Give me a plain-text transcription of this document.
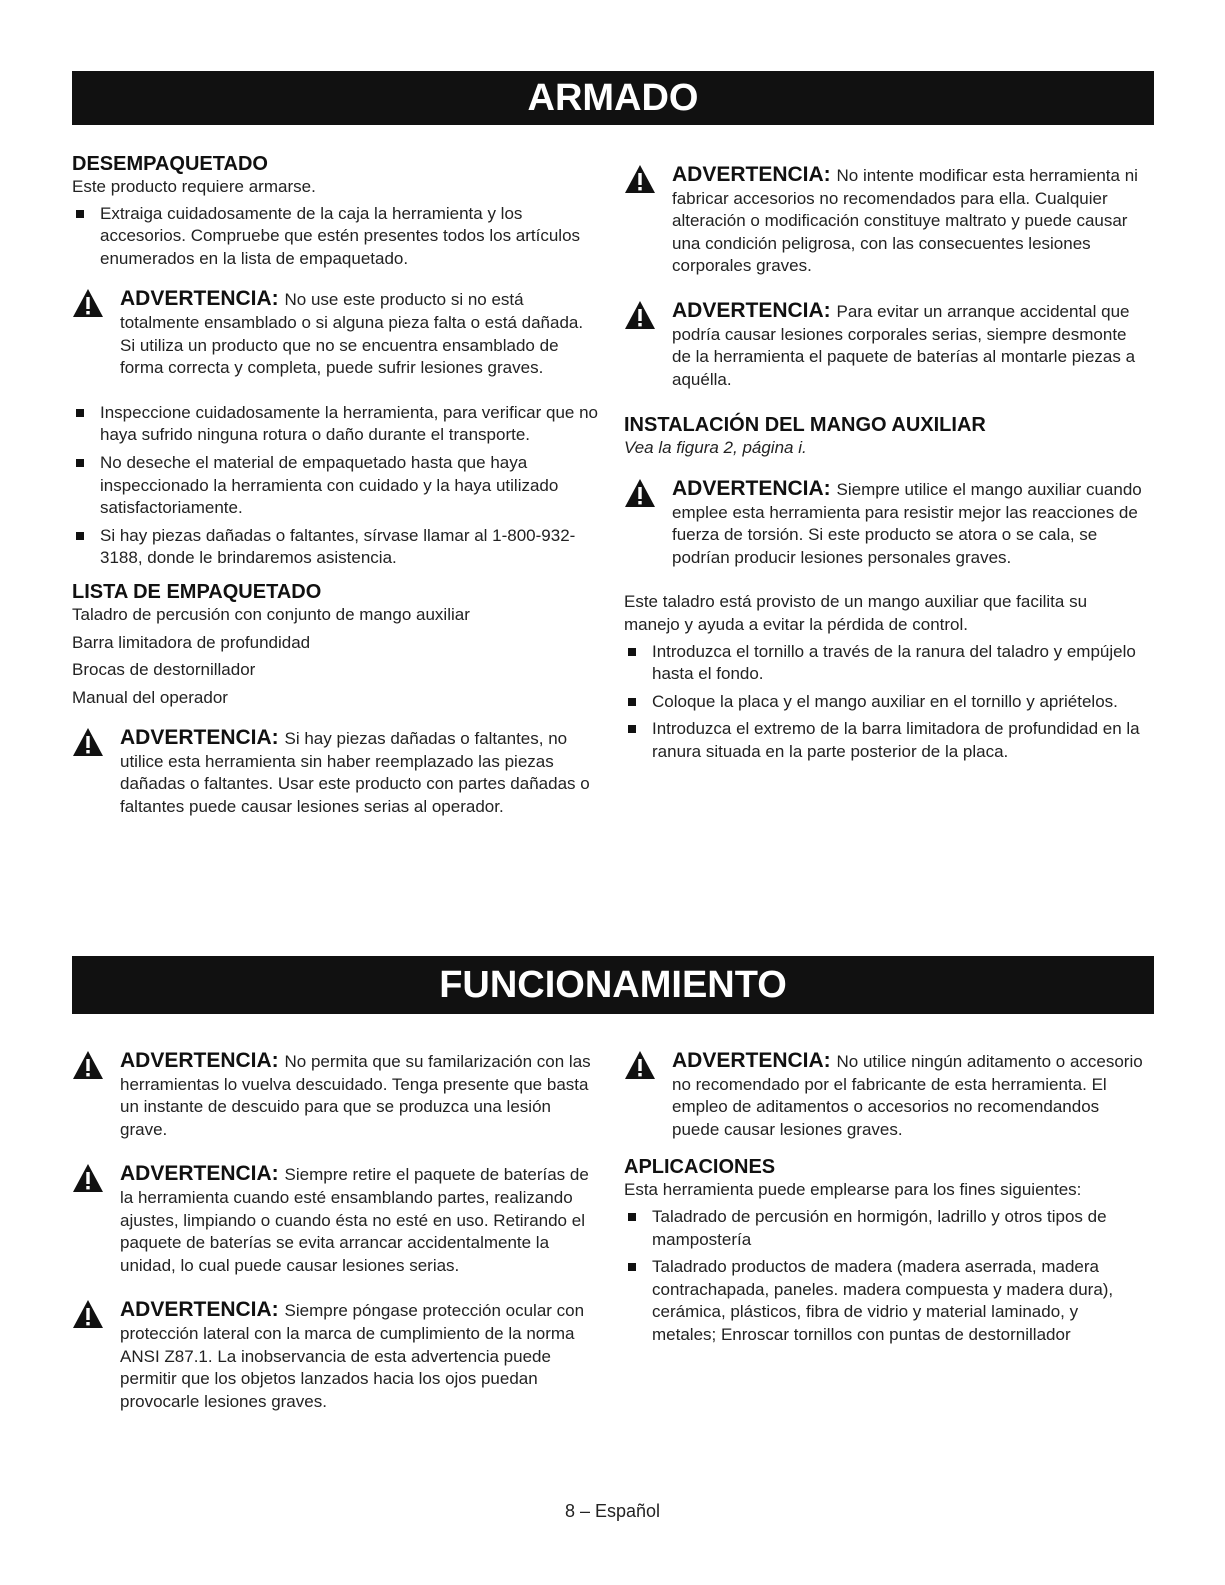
ARMADO

DESEMPAQUETADO

Este producto requiere armarse.

Extraiga cuidadosamente de la caja la herramienta y los accesorios. Compruebe que estén presentes todos los artículos enumerados en la lista de empaquetado.
ADVERTENCIA: No use este producto si no está totalmente ensamblado o si alguna pieza falta o está dañada. Si utiliza un producto que no se encuentra ensamblado de forma correcta y completa, puede sufrir lesiones graves.
Inspeccione cuidadosamente la herramienta, para verificar que no haya sufrido ninguna rotura o daño durante el transporte.
No deseche el material de empaquetado hasta que haya inspeccionado la herramienta con cuidado y la haya utilizado satisfactoriamente.
Si hay piezas dañadas o faltantes, sírvase llamar al 1-800-932-3188, donde le brindaremos asistencia.

LISTA DE EMPAQUETADO

Taladro de percusión con conjunto de mango auxiliar

Barra limitadora de profundidad

Brocas de destornillador

Manual del operador

ADVERTENCIA: Si hay piezas dañadas o faltantes, no utilice esta herramienta sin haber reemplazado las piezas dañadas o faltantes. Usar este producto con partes dañadas o faltantes puede causar lesiones serias al operador.
ADVERTENCIA: No intente modificar esta herramienta ni fabricar accesorios no recomendados para ella. Cualquier alteración o modificación constituye maltrato y puede causar una condición peligrosa, con las consecuentes lesiones corporales graves.
ADVERTENCIA: Para evitar un arranque accidental que podría causar lesiones corporales serias, siempre desmonte de la herramienta el paquete de baterías al montarle piezas a aquélla.

INSTALACIÓN DEL MANGO AUXILIAR

Vea la figura 2, página i.

ADVERTENCIA: Siempre utilice el mango auxiliar cuando emplee esta herramienta para resistir mejor las reacciones de fuerza de torsión. Si este producto se atora o se cala, se podrían producir lesiones personales graves.

Este taladro está provisto de un mango auxiliar que facilita su manejo y ayuda a evitar la pérdida de control.

Introduzca el tornillo a través de la ranura del taladro y empújelo hasta el fondo.
Coloque la placa y el mango auxiliar en el tornillo y apriételos.
Introduzca el extremo de la barra limitadora de profundidad en la ranura situada en la parte posterior de la placa.
FUNCIONAMIENTO
ADVERTENCIA: No permita que su familarización con las herramientas lo vuelva descuidado. Tenga presente que basta un instante de descuido para que se produzca una lesión grave.
ADVERTENCIA: Siempre retire el paquete de baterías de la herramienta cuando esté ensamblando partes, realizando ajustes, limpiando o cuando ésta no esté en uso. Retirando el paquete de baterías se evita arrancar accidentalmente la unidad, lo cual puede causar lesiones serias.
ADVERTENCIA: Siempre póngase protección ocular con protección lateral con la marca de cumplimiento de la norma ANSI Z87.1. La inobservancia de esta advertencia puede permitir que los objetos lanzados hacia los ojos puedan provocarle lesiones graves.
ADVERTENCIA: No utilice ningún aditamento o accesorio no recomendado por el fabricante de esta herramienta. El empleo de aditamentos o accesorios no recomendandos puede causar lesiones graves.

APLICACIONES

Esta herramienta puede emplearse para los fines siguientes:

Taladrado de percusión en hormigón, ladrillo y otros tipos de mampostería
Taladrado productos de madera (madera aserrada, madera contrachapada, paneles. madera compuesta y madera dura), cerámica, plásticos, fibra de vidrio y material laminado, y metales; Enroscar tornillos con puntas de destornillador
8 – Español
